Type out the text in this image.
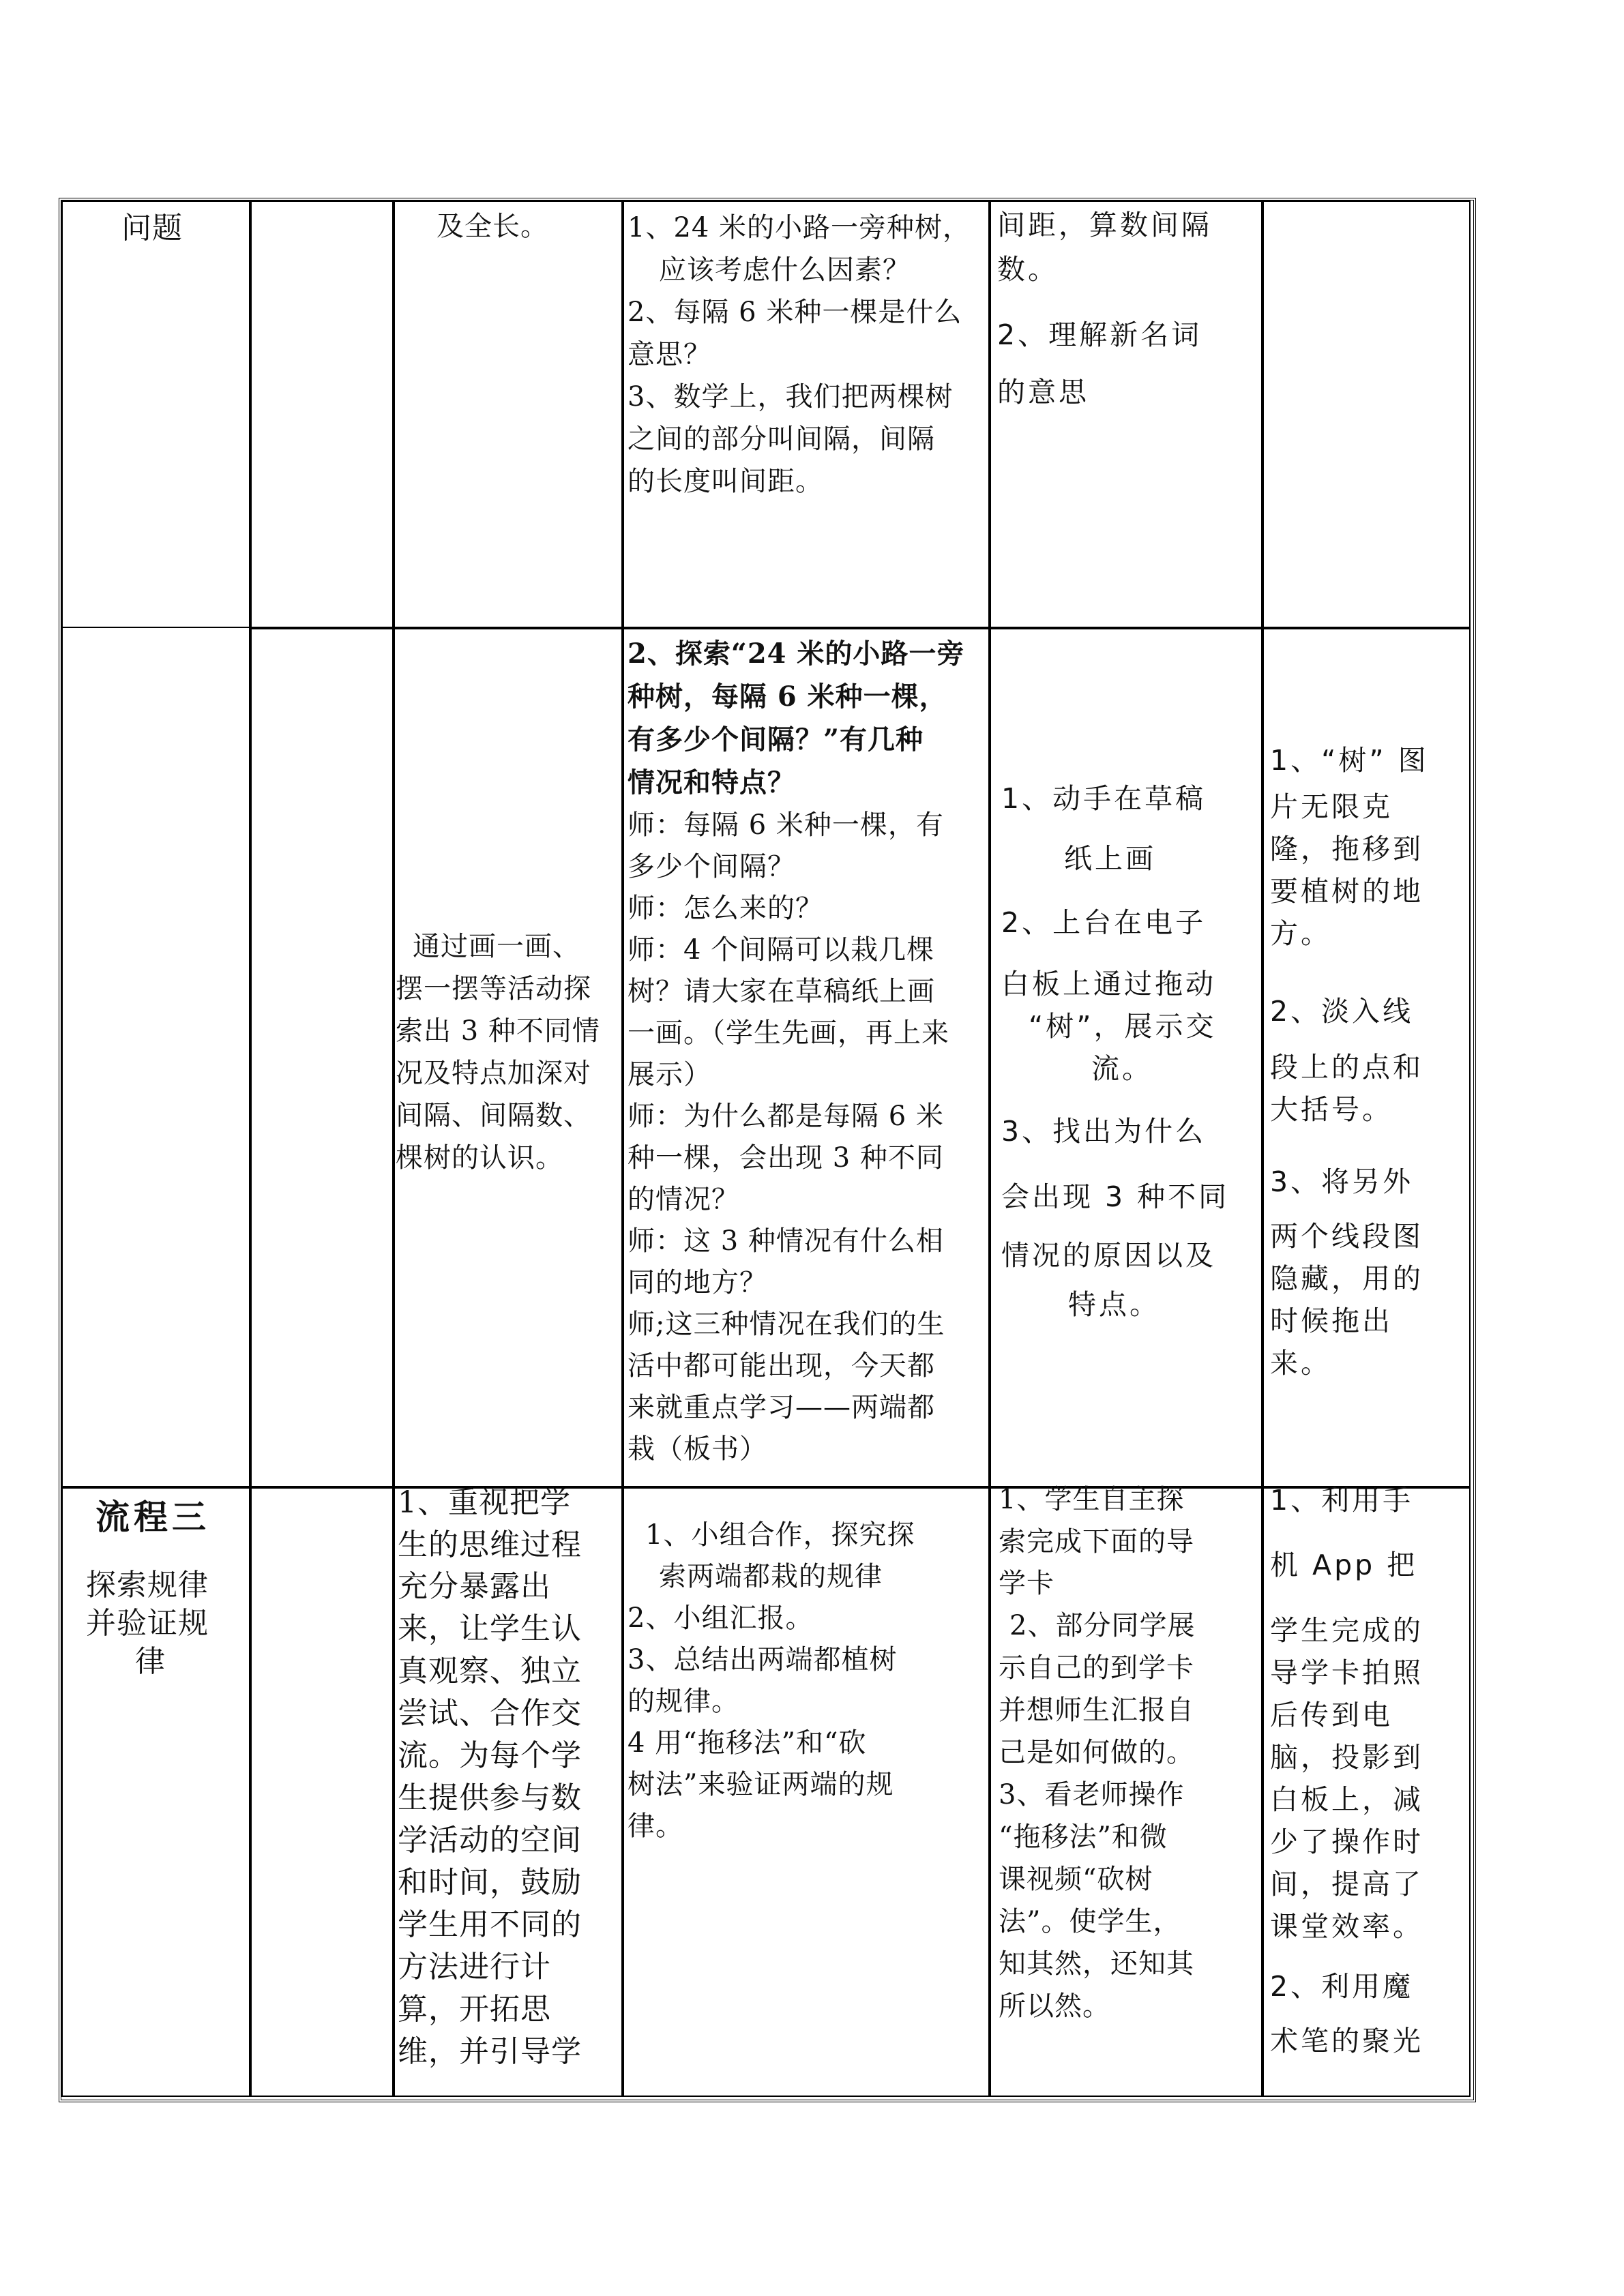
问题	及全长。	1、24 米的小路一旁种树，
应该考虑什么因素？
2、每隔 6 米种一棵是什么
意思？
3、数学上，我们把两棵树
之间的部分叫间隔，间隔
的长度叫间距。
间距，算数间隔
数。
2、理解新名词
的意思
通过画一画、
摆一摆等活动探
索出 3 种不同情
况及特点加深对
间隔、间隔数、
棵树的认识。
2、探索“24 米的小路一旁
种树，每隔 6 米种一棵，
有多少个间隔？”有几种
情况和特点？
师：每隔 6 米种一棵，有
多少个间隔？
师：怎么来的？
师：4 个间隔可以栽几棵
树？请大家在草稿纸上画
一画。（学生先画，再上来
展示）
师：为什么都是每隔 6 米
种一棵，会出现 3 种不同
的情况？
师：这 3 种情况有什么相
同的地方？
师;这三种情况在我们的生
活中都可能出现，今天都
来就重点学习——两端都
栽（板书）
1、动手在草稿
纸上画
2、上台在电子
白板上通过拖动
“树”，展示交
流。
3、找出为什么
会出现 3 种不同
情况的原因以及
特点。
1、“树” 图
片无限克
隆，拖移到
要植树的地
方。
2、淡入线
段上的点和
大括号。
3、将另外
两个线段图
隐藏，用的
时候拖出
来。
流程三
探索规律
并验证规
律
1、重视把学
生的思维过程
充分暴露出
来，让学生认
真观察、独立
尝试、合作交
流。为每个学
生提供参与数
学活动的空间
和时间，鼓励
学生用不同的
方法进行计
算，开拓思
维，并引导学
1、小组合作，探究探
索两端都栽的规律
2、小组汇报。
3、总结出两端都植树
的规律。
4 用“拖移法”和“砍
树法”来验证两端的规
律。
1、学生自主探
索完成下面的导
学卡
2、部分同学展
示自己的到学卡
并想师生汇报自
己是如何做的。
3、看老师操作
“拖移法”和微
课视频“砍树
法”。使学生，
知其然，还知其
所以然。
1、利用手
机 App 把
学生完成的
导学卡拍照
后传到电
脑，投影到
白板上，减
少了操作时
间，提高了
课堂效率。
2、利用魔
术笔的聚光
